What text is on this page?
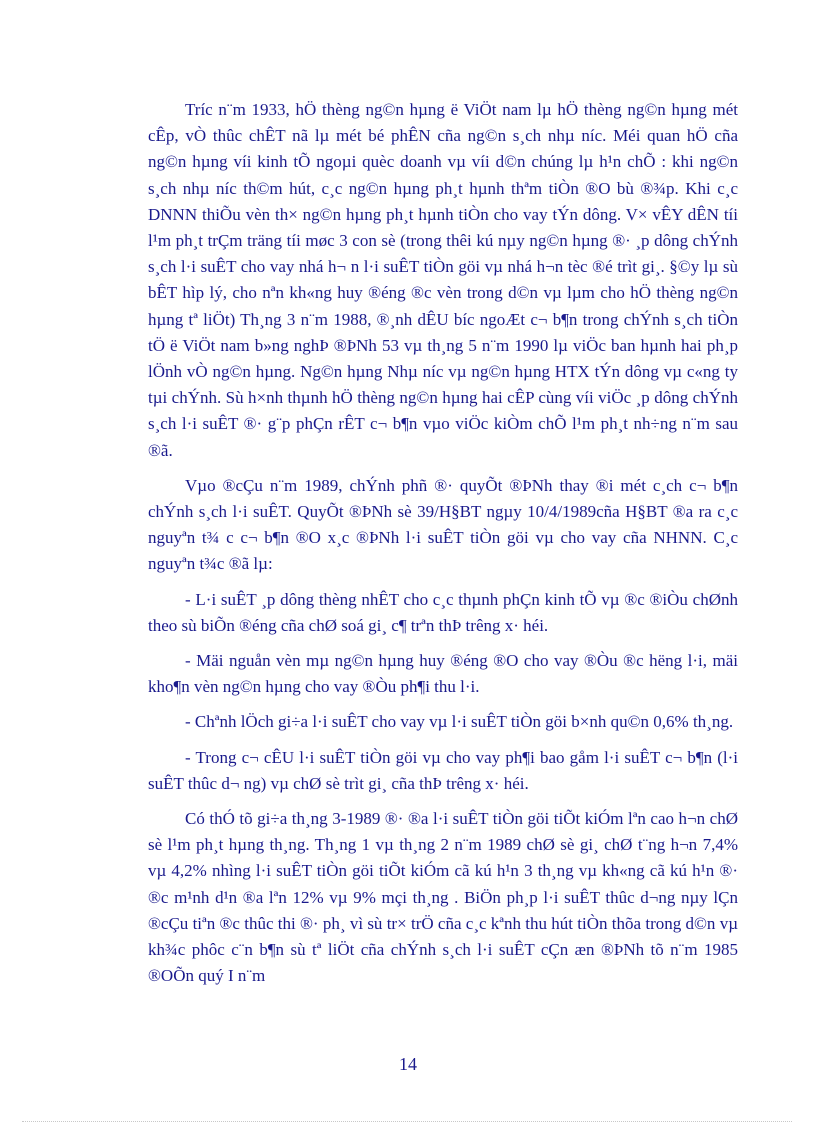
Tríc n¨m 1933, hÖ thèng ng©n hµng ë ViÖt nam lµ hÖ thèng ng©n hµng mét cÊp, vÒ thûc chÊT nã lµ mét bé phÊN cña ng©n s¸ch nhµ níc. Méi quan hÖ cña ng©n hµng víi kinh tÕ ngoµi quèc doanh vµ víi d©n chúng lµ h¹n chÕ : khi ng©n s¸ch nhµ níc th©m hút, c¸c ng©n hµng ph¸t hµnh thªm tiÒn ®O bù ®¾p. Khi c¸c DNNN thiÕu vèn th× ng©n hµng ph¸t hµnh tiÒn cho vay tÝn dông. V× vÊY dÊN tíi l¹m ph¸t trÇm träng tíi møc 3 con sè (trong thêi kú nµy ng©n hµng ®· ¸p dông chÝnh s¸ch l·i suÊT cho vay nhá h¬ n l·i suÊT tiÒn göi vµ nhá h¬n tèc ®é trìt gi¸. §©y lµ sù bÊT hìp lý, cho nªn kh«ng huy ®éng ®c vèn trong d©n vµ lµm cho hÖ thèng ng©n hµng tª liÖt) Th¸ng 3 n¨m 1988, ®¸nh dÊU bíc ngoÆt c¬ b¶n trong chÝnh s¸ch tiÒn tÖ ë ViÖt nam b»ng nghÞ ®ÞNh 53 vµ th¸ng 5 n¨m 1990 lµ viÖc ban hµnh hai ph¸p lÖnh vÒ ng©n hµng. Ng©n hµng Nhµ níc vµ ng©n hµng HTX tÝn dông vµ c«ng ty tµi chÝnh. Sù h×nh thµnh hÖ thèng ng©n hµng hai cÊP cùng víi viÖc ¸p dông chÝnh s¸ch l·i suÊT ®· g¨p phÇn rÊT c¬ b¶n vµo viÖc kiÒm chÕ l¹m ph¸t nh÷ng n¨m sau ®ã.

Vµo ®cÇu n¨m 1989, chÝnh phñ ®· quyÕt ®ÞNh thay ®i mét c¸ch c¬ b¶n chÝnh s¸ch l·i suÊT. QuyÕt ®ÞNh sè 39/H§BT ngµy 10/4/1989cña H§BT ®a ra c¸c nguyªn t¾ c c¬ b¶n ®O x¸c ®ÞNh l·i suÊT tiÒn göi vµ cho vay cña NHNN. C¸c nguyªn t¾c ®ã lµ:

- L·i suÊT ¸p dông thèng nhÊT cho c¸c thµnh phÇn kinh tÕ vµ ®c ®iÒu chØnh theo sù biÕn ®éng cña chØ soá gi¸ c¶ trªn thÞ trêng x· héi.

- Mäi nguån vèn mµ ng©n hµng huy ®éng ®O cho vay ®Òu ®c hëng l·i, mäi kho¶n vèn ng©n hµng cho vay ®Òu ph¶i thu l·i.

- Chªnh lÖch gi÷a l·i suÊT cho vay vµ l·i suÊT tiÒn göi b×nh qu©n 0,6% th¸ng.

- Trong c¬ cÊU l·i suÊT tiÒn göi vµ cho vay ph¶i bao gåm l·i suÊT c¬ b¶n (l·i suÊT thûc d¬ ng) vµ chØ sè trìt gi¸ cña thÞ trêng x· héi.

Có thÓ tõ gi÷a th¸ng 3-1989 ®· ®a l·i suÊT tiÒn göi tiÕt kiÓm lªn cao h¬n chØ sè l¹m ph¸t hµng th¸ng. Th¸ng 1 vµ th¸ng 2 n¨m 1989 chØ sè gi¸ chØ t¨ng h¬n 7,4% vµ 4,2% nhìng l·i suÊT tiÒn göi tiÕt kiÓm cã kú h¹n 3 th¸ng vµ kh«ng cã kú h¹n ®· ®c m¹nh d¹n ®a lªn 12% vµ 9% mçi th¸ng . BiÖn ph¸p l·i suÊT thûc d¬ng nµy lÇn ®cÇu tiªn ®c thûc thi ®· ph¸ vì sù tr× trÖ cña c¸c kªnh thu hút tiÒn thõa trong d©n vµ kh¾c phôc c¨n b¶n sù tª liÖt cña chÝnh s¸ch l·i suÊT cÇn æn ®ÞNh tõ n¨m 1985 ®OÕn quý I n¨m

14
